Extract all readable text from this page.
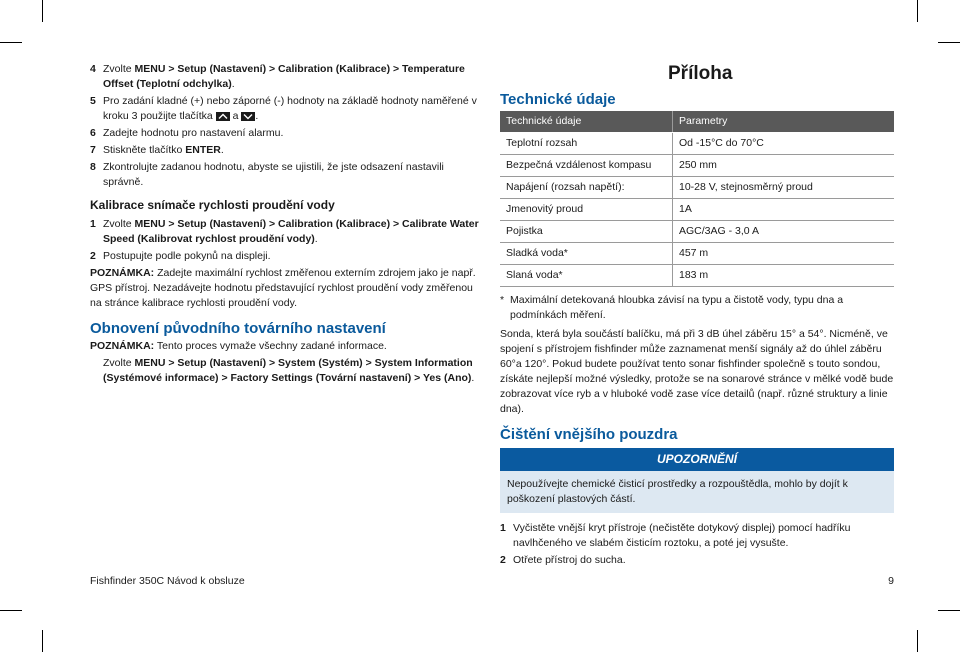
4 Zvolte MENU > Setup (Nastavení) > Calibration (Kalibrace) > Temperature Offset (Teplotní odchylka).
5 Pro zadání kladné (+) nebo záporné (-) hodnoty na základě hodnoty naměřené v kroku 3 použijte tlačítka a .
6 Zadejte hodnotu pro nastavení alarmu.
7 Stiskněte tlačítko ENTER.
8 Zkontrolujte zadanou hodnotu, abyste se ujistili, že jste odsazení nastavili správně.
Kalibrace snímače rychlosti proudění vody
1 Zvolte MENU > Setup (Nastavení) > Calibration (Kalibrace) > Calibrate Water Speed (Kalibrovat rychlost proudění vody).
2 Postupujte podle pokynů na displeji.
POZNÁMKA: Zadejte maximální rychlost změřenou externím zdrojem jako je např. GPS přístroj. Nezadávejte hodnotu představující rychlost proudění vody změřenou na stránce kalibrace rychlosti proudění vody.
Obnovení původního továrního nastavení
POZNÁMKA: Tento proces vymaže všechny zadané informace.
Zvolte MENU > Setup (Nastavení) > System (Systém) > System Information (Systémové informace) > Factory Settings (Tovární nastavení) > Yes (Ano).
Příloha
Technické údaje
Technické údaje	Parametry
Teplotní rozsah	Od -15°C do 70°C
Bezpečná vzdálenost kompasu	250 mm
Napájení (rozsah napětí):	10-28 V, stejnosměrný proud
Jmenovitý proud	1A
Pojistka	AGC/3AG - 3,0 A
Sladká voda*	457 m
Slaná voda*	183 m
* Maximální detekovaná hloubka závisí na typu a čistotě vody, typu dna a podmínkách měření.
Sonda, která byla součástí balíčku, má při 3 dB úhel záběru 15° a 54°. Nicméně, ve spojení s přístrojem fishfinder může zaznamenat menší signály až do úhlel záběru 60°a 120°. Pokud budete používat tento sonar fishfinder společně s touto sondou, získáte nejlepší možné výsledky, protože se na sonarové stránce v mělké vodě bude zobrazovat více ryb a v hluboké vodě zase více detailů (např. různé struktury a linie dna).
Čištění vnějšího pouzdra
UPOZORNĚNÍ
Nepoužívejte chemické čisticí prostředky a rozpouštědla, mohlo by dojít k poškození plastových částí.
1 Vyčistěte vnější kryt přístroje (nečistěte dotykový displej) pomocí hadříku navlhčeného ve slabém čisticím roztoku, a poté jej vysušte.
2 Otřete přístroj do sucha.
Fishfinder 350C Návod k obsluze	9
